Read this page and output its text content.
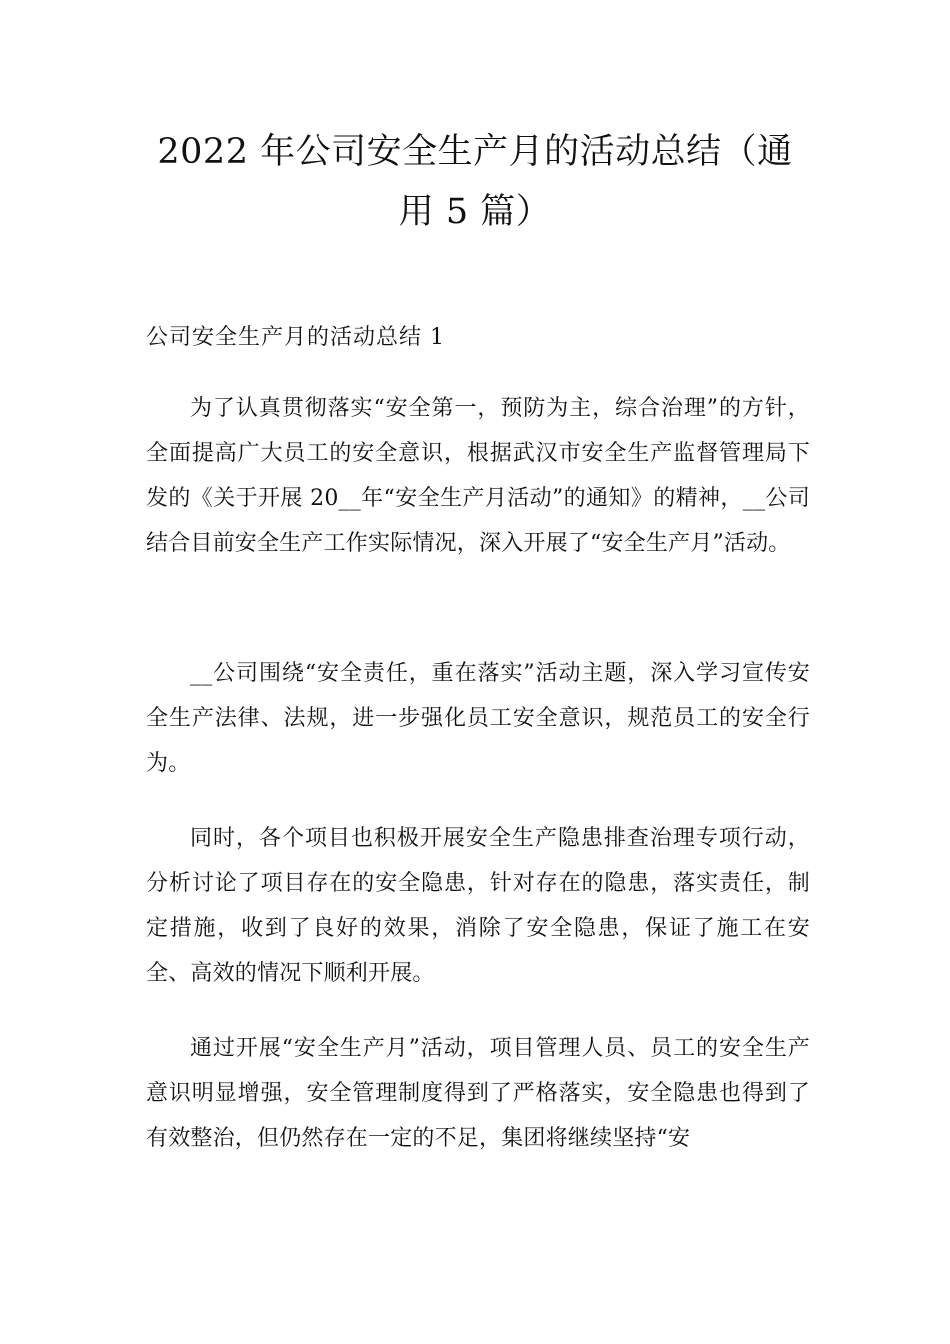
2022 年公司安全生产月的活动总结（通用 5 篇）
公司安全生产月的活动总结 1

为了认真贯彻落实“安全第一，预防为主，综合治理”的方针，全面提高广大员工的安全意识，根据武汉市安全生产监督管理局下发的《关于开展 20__年“安全生产月活动”的通知》的精神，__公司结合目前安全生产工作实际情况，深入开展了“安全生产月”活动。

__公司围绕“安全责任，重在落实”活动主题，深入学习宣传安全生产法律、法规，进一步强化员工安全意识，规范员工的安全行为。

同时，各个项目也积极开展安全生产隐患排查治理专项行动，分析讨论了项目存在的安全隐患，针对存在的隐患，落实责任，制定措施，收到了良好的效果，消除了安全隐患，保证了施工在安全、高效的情况下顺利开展。

通过开展“安全生产月”活动，项目管理人员、员工的安全生产意识明显增强，安全管理制度得到了严格落实，安全隐患也得到了有效整治，但仍然存在一定的不足，集团将继续坚持“安
